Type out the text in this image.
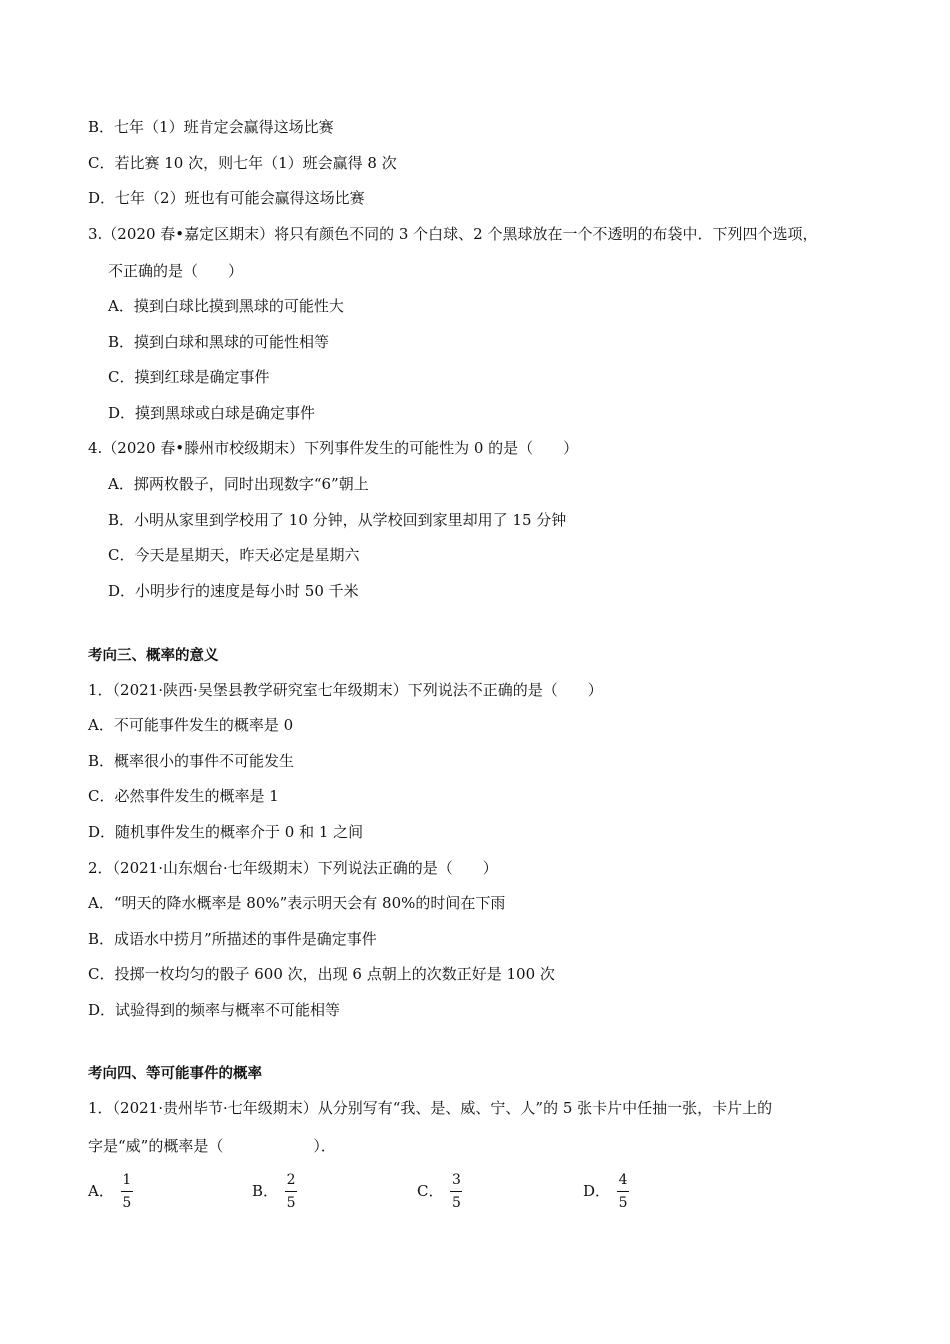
B．七年（1）班肯定会赢得这场比赛
C．若比赛 10 次，则七年（1）班会赢得 8 次
D．七年（2）班也有可能会赢得这场比赛
3.（2020 春•嘉定区期末）将只有颜色不同的 3 个白球、2 个黑球放在一个不透明的布袋中．下列四个选项，
不正确的是（　　）
A．摸到白球比摸到黑球的可能性大
B．摸到白球和黑球的可能性相等
C．摸到红球是确定事件
D．摸到黑球或白球是确定事件
4.（2020 春•滕州市校级期末）下列事件发生的可能性为 0 的是（　　）
A．掷两枚骰子，同时出现数字“6”朝上
B．小明从家里到学校用了 10 分钟，从学校回到家里却用了 15 分钟
C．今天是星期天，昨天必定是星期六
D．小明步行的速度是每小时 50 千米
考向三、概率的意义
1．（2021·陕西·吴堡县教学研究室七年级期末）下列说法不正确的是（　　）
A．不可能事件发生的概率是 0
B．概率很小的事件不可能发生
C．必然事件发生的概率是 1
D．随机事件发生的概率介于 0 和 1 之间
2．（2021·山东烟台·七年级期末）下列说法正确的是（　　）
A．“明天的降水概率是 80%”表示明天会有 80%的时间在下雨
B．成语水中捞月”所描述的事件是确定事件
C．投掷一枚均匀的骰子 600 次，出现 6 点朝上的次数正好是 100 次
D．试验得到的频率与概率不可能相等
考向四、等可能事件的概率
1．（2021·贵州毕节·七年级期末）从分别写有“我、是、威、宁、人”的 5 张卡片中任抽一张，卡片上的
字是“威”的概率是（　　　　　　）．
A． $\frac{1}{5}$	B． $\frac{2}{5}$	C． $\frac{3}{5}$	D． $\frac{4}{5}$
